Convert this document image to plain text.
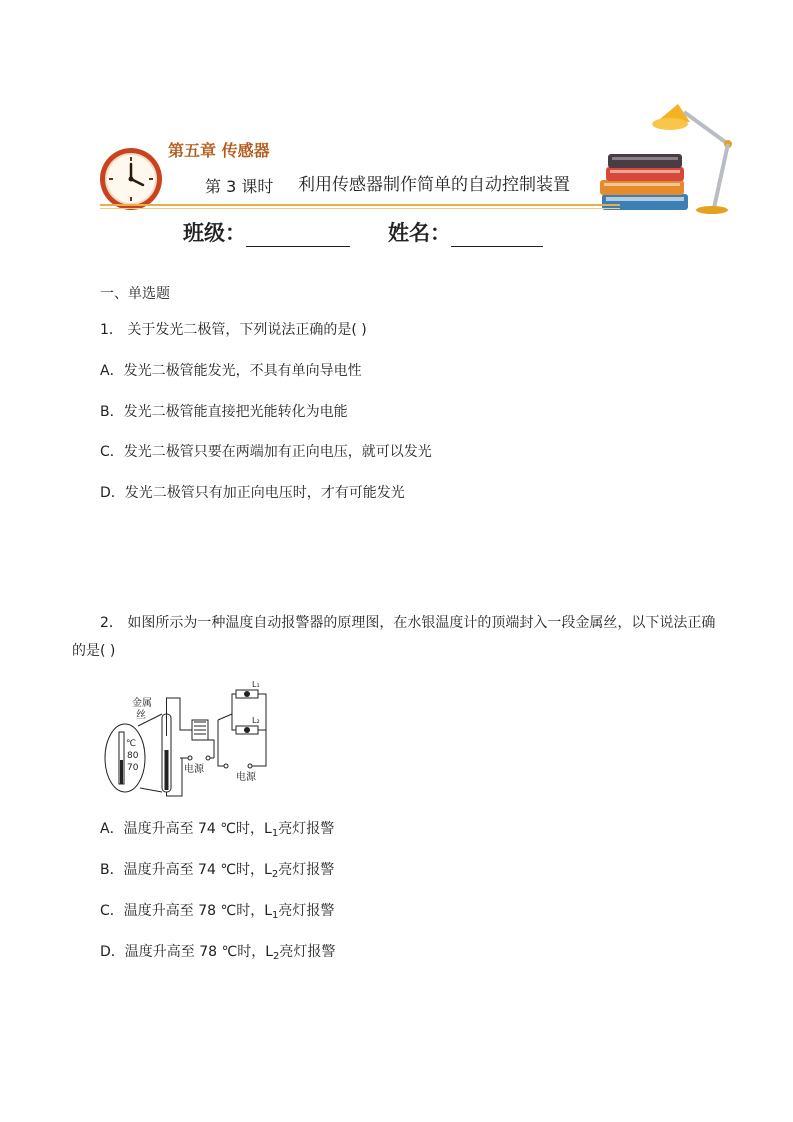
第五章 传感器
第 3 课时 利用传感器制作简单的自动控制装置
班级：	姓名：
一、单选题
1． 关于发光二极管，下列说法正确的是( )
A．发光二极管能发光，不具有单向导电性
B．发光二极管能直接把光能转化为电能
C．发光二极管只要在两端加有正向电压，就可以发光
D．发光二极管只有加正向电压时，才有可能发光
2． 如图所示为一种温度自动报警器的原理图，在水银温度计的顶端封入一段金属丝，以下说法正确
的是( )
金属
丝
℃
80
70
L₁
L₂
电源
电源
A．温度升高至 74 ℃时，$L_1$亮灯报警
B．温度升高至 74 ℃时，$L_2$亮灯报警
C．温度升高至 78 ℃时，$L_1$亮灯报警
D．温度升高至 78 ℃时，$L_2$亮灯报警
